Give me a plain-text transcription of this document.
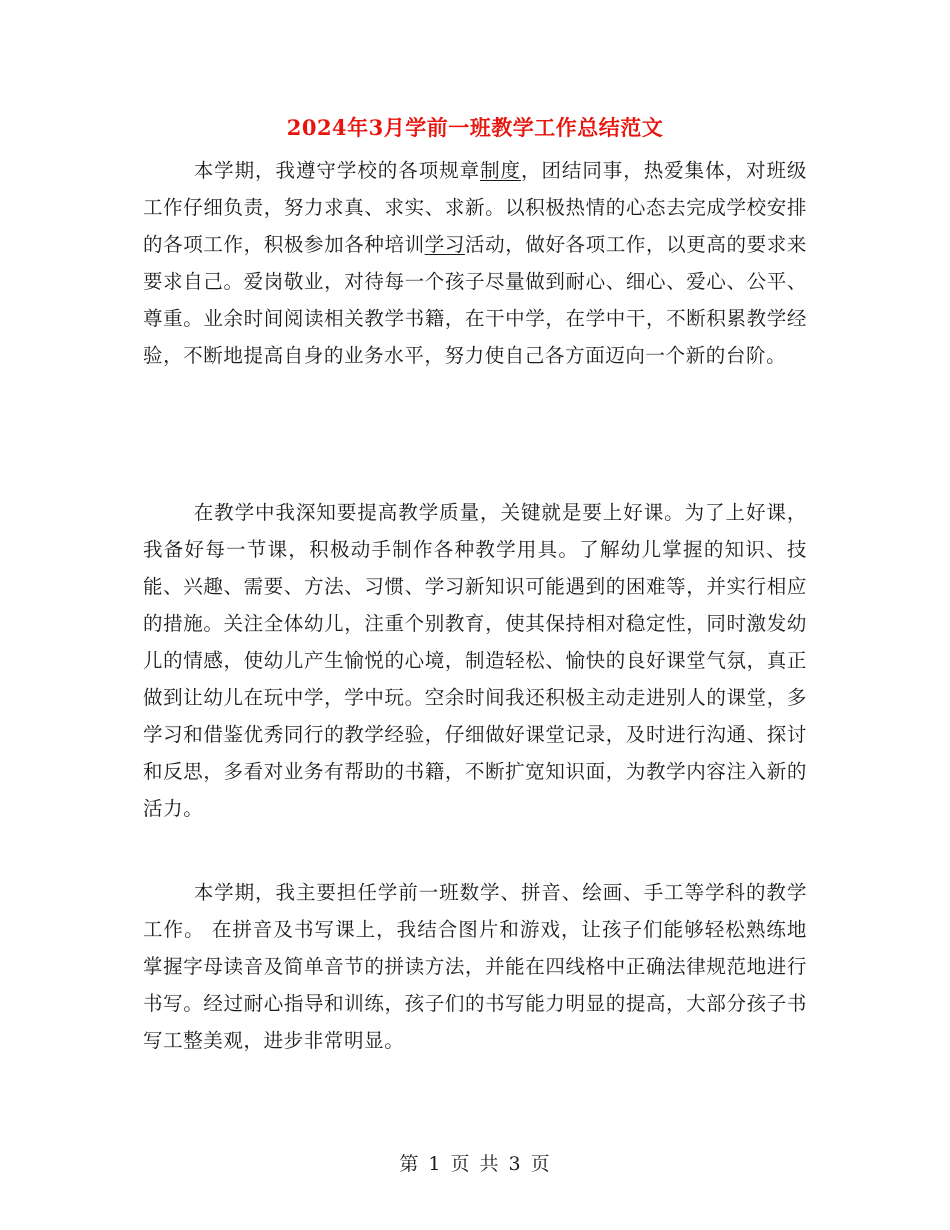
2024年3月学前一班教学工作总结范文

本学期，我遵守学校的各项规章制度，团结同事，热爱集体，对班级工作仔细负责，努力求真、求实、求新。以积极热情的心态去完成学校安排的各项工作，积极参加各种培训学习活动，做好各项工作，以更高的要求来要求自己。爱岗敬业，对待每一个孩子尽量做到耐心、细心、爱心、公平、尊重。业余时间阅读相关教学书籍，在干中学，在学中干，不断积累教学经验，不断地提高自身的业务水平，努力使自己各方面迈向一个新的台阶。

在教学中我深知要提高教学质量，关键就是要上好课。为了上好课，我备好每一节课，积极动手制作各种教学用具。了解幼儿掌握的知识、技能、兴趣、需要、方法、习惯、学习新知识可能遇到的困难等，并实行相应的措施。关注全体幼儿，注重个别教育，使其保持相对稳定性，同时激发幼儿的情感，使幼儿产生愉悦的心境，制造轻松、愉快的良好课堂气氛，真正做到让幼儿在玩中学，学中玩。空余时间我还积极主动走进别人的课堂，多学习和借鉴优秀同行的教学经验，仔细做好课堂记录，及时进行沟通、探讨和反思，多看对业务有帮助的书籍，不断扩宽知识面，为教学内容注入新的活力。

本学期，我主要担任学前一班数学、拼音、绘画、手工等学科的教学工作。 在拼音及书写课上，我结合图片和游戏，让孩子们能够轻松熟练地掌握字母读音及简单音节的拼读方法，并能在四线格中正确法律规范地进行书写。经过耐心指导和训练，孩子们的书写能力明显的提高，大部分孩子书写工整美观，进步非常明显。

第 1 页 共 3 页
